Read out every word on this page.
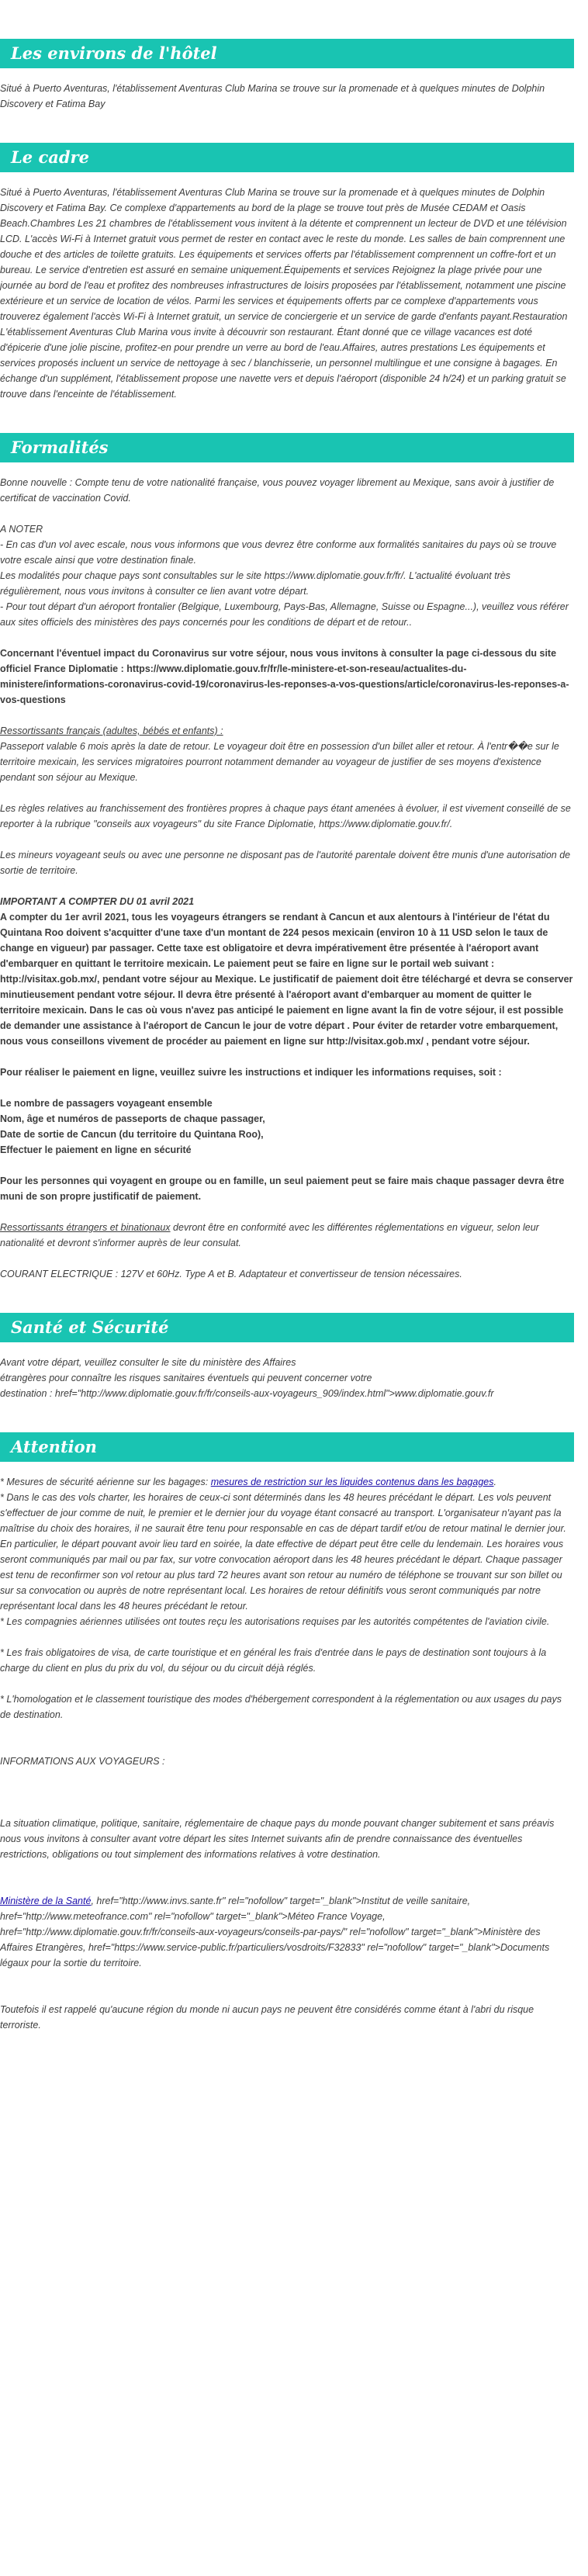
Les environs de l'hôtel

Situé à Puerto Aventuras, l'établissement Aventuras Club Marina se trouve sur la promenade et à quelques minutes de Dolphin Discovery et Fatima Bay

Le cadre

Situé à Puerto Aventuras, l'établissement Aventuras Club Marina se trouve sur la promenade et à quelques minutes de Dolphin Discovery et Fatima Bay. Ce complexe d'appartements au bord de la plage se trouve tout près de Musée CEDAM et Oasis Beach.Chambres Les 21 chambres de l'établissement vous invitent à la détente et comprennent un lecteur de DVD et une télévision LCD. L'accès Wi-Fi à Internet gratuit vous permet de rester en contact avec le reste du monde. Les salles de bain comprennent une douche et des articles de toilette gratuits. Les équipements et services offerts par l'établissement comprennent un coffre-fort et un bureau. Le service d'entretien est assuré en semaine uniquement.Équipements et services Rejoignez la plage privée pour une journée au bord de l'eau et profitez des nombreuses infrastructures de loisirs proposées par l'établissement, notamment une piscine extérieure et un service de location de vélos. Parmi les services et équipements offerts par ce complexe d'appartements vous trouverez également l'accès Wi-Fi à Internet gratuit, un service de conciergerie et un service de garde d'enfants payant.Restauration L'établissement Aventuras Club Marina vous invite à découvrir son restaurant. Étant donné que ce village vacances est doté d'épicerie d'une jolie piscine, profitez-en pour prendre un verre au bord de l'eau.Affaires, autres prestations Les équipements et services proposés incluent un service de nettoyage à sec / blanchisserie, un personnel multilingue et une consigne à bagages. En échange d'un supplément, l'établissement propose une navette vers et depuis l'aéroport (disponible 24 h/24) et un parking gratuit se trouve dans l'enceinte de l'établissement.

Formalités

Bonne nouvelle : Compte tenu de votre nationalité française, vous pouvez voyager librement au Mexique, sans avoir à justifier de certificat de vaccination Covid.

A NOTER

- En cas d'un vol avec escale, nous vous informons que vous devrez être conforme aux formalités sanitaires du pays où se trouve votre escale ainsi que votre destination finale.

Les modalités pour chaque pays sont consultables sur le site https://www.diplomatie.gouv.fr/fr/. L'actualité évoluant très régulièrement, nous vous invitons à consulter ce lien avant votre départ.

- Pour tout départ d'un aéroport frontalier (Belgique, Luxembourg, Pays-Bas, Allemagne, Suisse ou Espagne...), veuillez vous référer aux sites officiels des ministères des pays concernés pour les conditions de départ et de retour..

Concernant l'éventuel impact du Coronavirus sur votre séjour, nous vous invitons à consulter la page ci-dessous du site officiel France Diplomatie : https://www.diplomatie.gouv.fr/fr/le-ministere-et-son-reseau/actualites-du-ministere/informations-coronavirus-covid-19/coronavirus-les-reponses-a-vos-questions/article/coronavirus-les-reponses-a-vos-questions

Ressortissants français (adultes, bébés et enfants) :

Passeport valable 6 mois après la date de retour. Le voyageur doit être en possession d'un billet aller et retour. À l'entr��e sur le territoire mexicain, les services migratoires pourront notamment demander au voyageur de justifier de ses moyens d'existence pendant son séjour au Mexique.

Les règles relatives au franchissement des frontières propres à chaque pays étant amenées à évoluer, il est vivement conseillé de se reporter à la rubrique "conseils aux voyageurs" du site France Diplomatie, https://www.diplomatie.gouv.fr/.

Les mineurs voyageant seuls ou avec une personne ne disposant pas de l'autorité parentale doivent être munis d'une autorisation de sortie de territoire.

IMPORTANT A COMPTER DU 01 avril 2021

A compter du 1er avril 2021, tous les voyageurs étrangers se rendant à Cancun et aux alentours à l'intérieur de l'état du Quintana Roo doivent s'acquitter d'une taxe d'un montant de 224 pesos mexicain (environ 10 à 11 USD selon le taux de change en vigueur) par passager. Cette taxe est obligatoire et devra impérativement être présentée à l'aéroport avant d'embarquer en quittant le territoire mexicain. Le paiement peut se faire en ligne sur le portail web suivant : http://visitax.gob.mx/, pendant votre séjour au Mexique. Le justificatif de paiement doit être téléchargé et devra se conserver minutieusement pendant votre séjour. Il devra être présenté à l'aéroport avant d'embarquer au moment de quitter le territoire mexicain. Dans le cas où vous n'avez pas anticipé le paiement en ligne avant la fin de votre séjour, il est possible de demander une assistance à l'aéroport de Cancun le jour de votre départ . Pour éviter de retarder votre embarquement, nous vous conseillons vivement de procéder au paiement en ligne sur http://visitax.gob.mx/ , pendant votre séjour.

Pour réaliser le paiement en ligne, veuillez suivre les instructions et indiquer les informations requises, soit :

Le nombre de passagers voyageant ensemble

Nom, âge et numéros de passeports de chaque passager,

Date de sortie de Cancun (du territoire du Quintana Roo),

Effectuer le paiement en ligne en sécurité

Pour les personnes qui voyagent en groupe ou en famille, un seul paiement peut se faire mais chaque passager devra être muni de son propre justificatif de paiement.

Ressortissants étrangers et binationaux devront être en conformité avec les différentes réglementations en vigueur, selon leur nationalité et devront s'informer auprès de leur consulat.

COURANT ELECTRIQUE : 127V et 60Hz. Type A et B. Adaptateur et convertisseur de tension nécessaires.

Santé et Sécurité

Avant votre départ, veuillez consulter le site du ministère des Affaires

étrangères pour connaître les risques sanitaires éventuels qui peuvent concerner votre

destination : href="http://www.diplomatie.gouv.fr/fr/conseils-aux-voyageurs_909/index.html">www.diplomatie.gouv.fr

Attention

* Mesures de sécurité aérienne sur les bagages: mesures de restriction sur les liquides contenus dans les bagages.

* Dans le cas des vols charter, les horaires de ceux-ci sont déterminés dans les 48 heures précédant le départ. Les vols peuvent s'effectuer de jour comme de nuit, le premier et le dernier jour du voyage étant consacré au transport. L'organisateur n'ayant pas la maîtrise du choix des horaires, il ne saurait être tenu pour responsable en cas de départ tardif et/ou de retour matinal le dernier jour. En particulier, le départ pouvant avoir lieu tard en soirée, la date effective de départ peut être celle du lendemain. Les horaires vous seront communiqués par mail ou par fax, sur votre convocation aéroport dans les 48 heures précédant le départ. Chaque passager est tenu de reconfirmer son vol retour au plus tard 72 heures avant son retour au numéro de téléphone se trouvant sur son billet ou sur sa convocation ou auprès de notre représentant local. Les horaires de retour définitifs vous seront communiqués par notre représentant local dans les 48 heures précédant le retour.

* Les compagnies aériennes utilisées ont toutes reçu les autorisations requises par les autorités compétentes de l'aviation civile.

* Les frais obligatoires de visa, de carte touristique et en général les frais d'entrée dans le pays de destination sont toujours à la charge du client en plus du prix du vol, du séjour ou du circuit déjà réglés.

* L'homologation et le classement touristique des modes d'hébergement correspondent à la réglementation ou aux usages du pays de destination.

INFORMATIONS AUX VOYAGEURS :

La situation climatique, politique, sanitaire, réglementaire de chaque pays du monde pouvant changer subitement et sans préavis

nous vous invitons à consulter avant votre départ les sites Internet suivants afin de prendre connaissance des éventuelles restrictions, obligations ou tout simplement des informations relatives à votre destination.

Ministère de la Santé, href="http://www.invs.sante.fr" rel="nofollow" target="_blank">Institut de veille sanitaire, href="http://www.meteofrance.com" rel="nofollow" target="_blank">Méteo France Voyage, href="http://www.diplomatie.gouv.fr/fr/conseils-aux-voyageurs/conseils-par-pays/" rel="nofollow" target="_blank">Ministère des Affaires Etrangères, href="https://www.service-public.fr/particuliers/vosdroits/F32833" rel="nofollow" target="_blank">Documents légaux pour la sortie du territoire.

Toutefois il est rappelé qu'aucune région du monde ni aucun pays ne peuvent être considérés comme étant à l'abri du risque terroriste.
